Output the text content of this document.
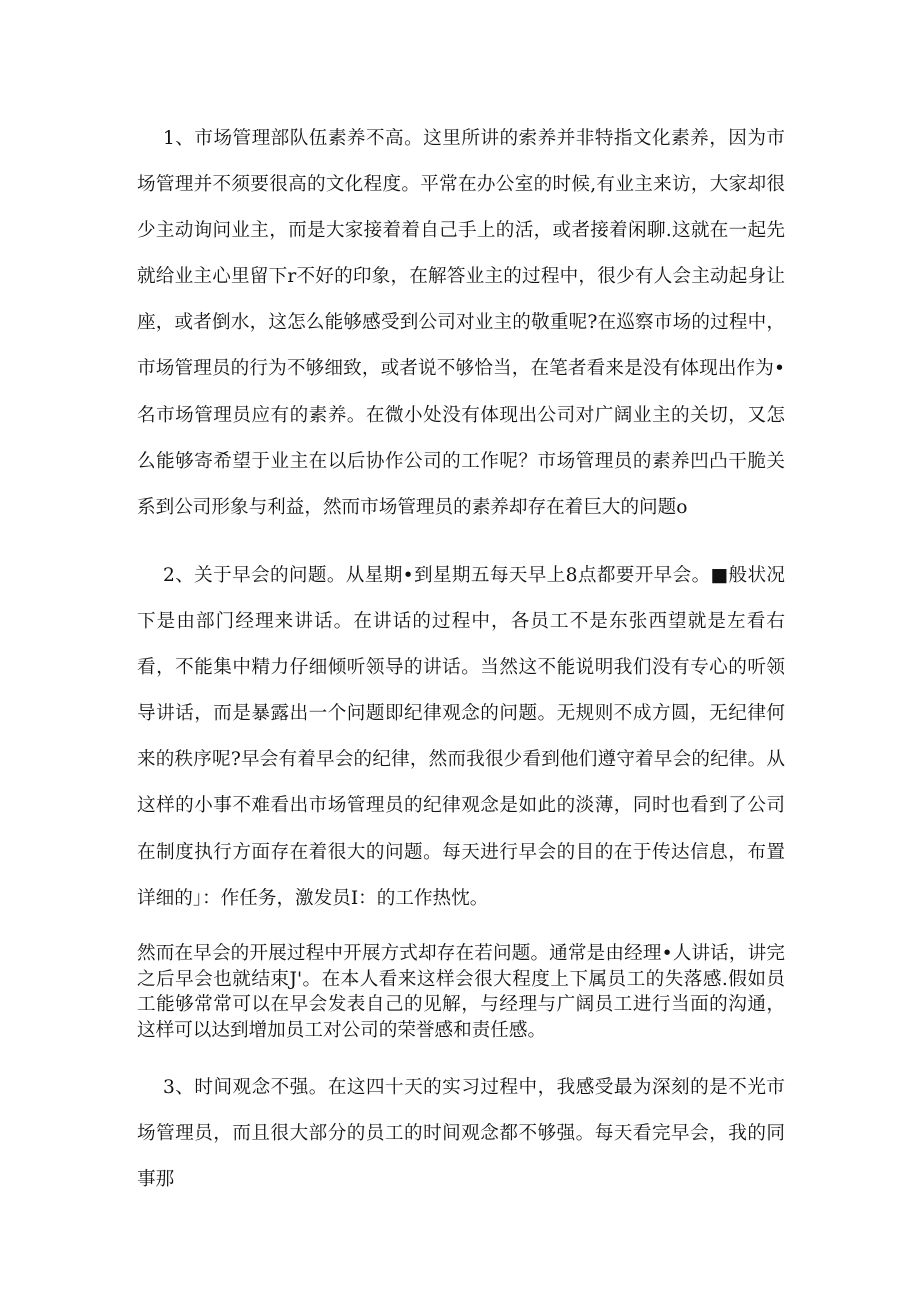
1、市场管理部队伍素养不高。这里所讲的索养并非特指文化素养，因为市场管理并不须要很高的文化程度。平常在办公室的时候,有业主来访，大家却很少主动询问业主，而是大家接着着自己手上的活，或者接着闲聊.这就在一起先就给业主心里留下r不好的印象，在解答业主的过程中，很少有人会主动起身让座，或者倒水，这怎么能够感受到公司对业主的敬重呢?在巡察市场的过程中，市场管理员的行为不够细致，或者说不够恰当，在笔者看来是没有体现出作为•名市场管理员应有的素养。在微小处没有体现出公司对广阔业主的关切，又怎么能够寄希望于业主在以后协作公司的工作呢？市场管理员的素养凹凸干脆关系到公司形象与利益，然而市场管理员的素养却存在着巨大的问题o

2、关于早会的问题。从星期•到星期五每天早上8点都要开早会。■般状况下是由部门经理来讲话。在讲话的过程中，各员工不是东张西望就是左看右看，不能集中精力仔细倾听领导的讲话。当然这不能说明我们没有专心的听领导讲话，而是暴露出一个问题即纪律观念的问题。无规则不成方圆，无纪律何来的秩序呢?早会有着早会的纪律，然而我很少看到他们遵守着早会的纪律。从这样的小事不难看出市场管理员的纪律观念是如此的淡薄，同时也看到了公司在制度执行方面存在着很大的问题。每天进行早会的目的在于传达信息，布置详细的」：作任务，激发员I：的工作热忱。

然而在早会的开展过程中开展方式却存在若问题。通常是由经理•人讲话，讲完之后早会也就结束J'。在本人看来这样会很大程度上下属员工的失落感.假如员工能够常常可以在早会发表自己的见解，与经理与广阔员工进行当面的沟通，这样可以达到增加员工对公司的荣誉感和责任感。

3、时间观念不强。在这四十天的实习过程中，我感受最为深刻的是不光市场管理员，而且很大部分的员工的时间观念都不够强。每天看完早会，我的同事那
